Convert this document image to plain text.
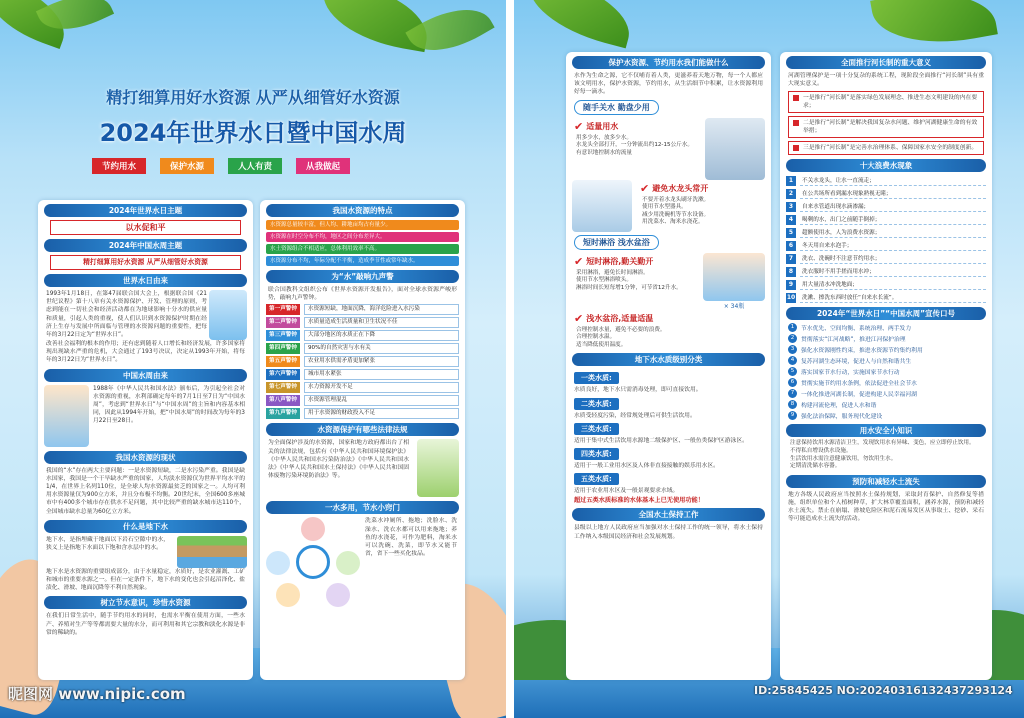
精打细算用好水资源 从严从细管好水资源
2024年世界水日暨中国水周
节约用水	保护水源	人人有责	从我做起
2024年世界水日主题
以水促和平
2024年中国水周主题
精打细算用好水资源 从严从细管好水资源
世界水日由来
1993年1月18日，在第47届联合国大会上，根据联合国《21世纪议程》第十八章有关水资源保护、开发、管理的原则，考虑到能在一切社会和经济活动都在为地球影响十分水的供应量和质量，引起人类的重视，使人们认识到水资源保护时期在经济上生存与发展中所面临与管理的水资源问题的重要性，把每年的3月22日定为“世界水日”。
改善社会福利的根本的作用；还有虑到随着人口增长和经济发展，许多国家将现出现缺水严重的危机，大会通过了193号决议，决定从1993年开始，将每年的3月22日为“世界水日”。
中国水周由来
1988年《中华人民共和国水法》颁布后，为引起全社会对水资源的重视，水利部确定每年的7月1日至7日为“中国水周”，考虑到“世界水日”与“中国水周”的主旨和内容基本相同，因此从1994年开始，把“中国水周”的时间改为每年的3月22日至28日。
我国水资源的现状
我国的“水”存在两大主要问题：一是水资源短缺，二是水污染严重。我国是缺水国家，我国是一个干旱缺水严重的国家，人均淡水资源仅为世界平均水平的1/4，在世界上名列110位，是全球人均水资源最贫乏的国家之一。人均可利用水资源量仅为900立方米，并且分布极不均衡。20世纪末，全国600多座城市中有400多个城市存在供水不足问题，其中比较严重的缺水城市达110个，全国城市缺水总量为60亿立方米。
什么是地下水
地下水，是指埋藏于地面以下岩石空隙中的水，狭义上是指地下水面以下饱和含水层中的水。
地下水是水资源的重要组成部分，由于水量稳定，水质好，是农业灌溉、工矿和城市的重要水源之一。但在一定条件下，地下水的变化也会引起沼泽化、盐渍化、滑坡、地面沉降等不利自然现象。
树立节水意识，珍惜水资源
在我们日常生活中，随手节约用水的同时，也需水平衡在使用方面，一些水产、养殖对生产等等都需要大量的水分，而可利用和其它宗教和淡化水源是非常的稀缺的。
我国水资源的特点
水资源总量较丰富，但人均、耕地亩均占有量少。
水资源在时空分布不均，地区之间分布差异大。
水土资源组合不相适应，总体利用效率不高。
水资源分布不均，年际分配不平衡，造成季节性或常年缺水。
为“水”敲响九声警
联合国教科文组织公布《世界水资源开发报告》，面对全球水资源严峻形势，敲响九声警钟。
第一声警钟	水资源短缺，地面沉降，海洋危险进入水污染
第二声警钟	水质量造成生活质量和卫生状况不佳
第三声警钟	大部分地区的水质正在下降
第四声警钟	90%的自然灾害与水有关
第五声警钟	农业用水供需矛盾更加紧张
第六声警钟	城市用水紧张
第七声警钟	水力资源开发不足
第八声警钟	水资源管理混乱
第九声警钟	用于水资源的财政投入不足
水资源保护有哪些法律法规
为全面保护涉及的水资源，国家和地方政府都出台了相关的法律法规，包括有《中华人民共和国环境保护法》《中华人民共和国水污染防治法》《中华人民共和国水法》《中华人民共和国水土保持法》《中华人民共和国固体废物污染环境防治法》等。
一水多用，节水小窍门
洗菜水冲厕所、拖地；洗脸水、洗澡水、洗衣水都可以用来拖地；养鱼的水浇花，可作为肥料，淘米水可以洗碗、洗菜，即节水又能节省，省下一些买化妆品。
昵图网 www.nipic.com
保护水资源、节约用水我们能做什么
水作为生命之源，它不仅哺育着人类，更滋养着天地万物，每一个人都应该文明用水，保护水资源，节约用水，从生活细节中积累，让水资源利用好每一滴水。
随手关水 勤盘少用
✔ 适量用水
用多少水，放多少水。
水龙头全部打开，一分钟流出约12-15公斤水。
有意识地控制水的流量
✔ 避免水龙头常开
不要开着水龙头刷牙洗漱。
使用节水型器具。
减少用洗碗机等节水设备。
用洗菜水、淘米水浇花。
短时淋浴 浅水盆浴
✔ 短时淋浴,勤关勤开
采用淋浴，避免长时间淋浴。
使用节水型淋浴喷头。
淋浴时间长短每增1分钟，可节省12升水。
× 34瓶
✔ 浅水盆浴,适量适温
合理控制水量，避免不必要的浪费。
合理控制水温。
适当降低使用温度。
地下水水质级别分类
一类水质:
水质良好，地下水只需消毒处理，即可直接饮用。
二类水质:
水质受轻度污染，经常规处理后可供生活饮用。
三类水质:
适用于集中式生活饮用水源地二级保护区、一般鱼类保护区游泳区。
四类水质:
适用于一般工业用水区及人体非直接接触的娱乐用水区。
五类水质:
适用于农业用水区及一般景观要求水域。
超过五类水质标准的水体基本上已无使用功能！
全国水土保持工作
县级以上地方人民政府应当加强对水土保持工作的统一领导，将水土保持工作纳入本级国民经济和社会发展规划。
全面推行河长制的重大意义
河湖管理保护是一项十分复杂的系统工程，现阶段全面推行“河长制”具有重大现实意义。
一是推行“河长制”是落实绿色发展理念、推进生态文明建设的内在要求；
二是推行“河长制”是解决我国复杂水问题、维护河湖健康生命的有效举措；
三是推行“河长制”是完善水治理体系、保障国家水安全的制度创新。
十大浪费水现象
1	不关水龙头，让水一直流走；
2	在公共场所看到漏水现象熟视无睹；
3	自来水管道出现水滴渗漏；
4	喝剩的水，出门之前随手倒掉；
5	超额使用水，人为浪费水资源；
6	冬天用自来水泡手；
7	洗衣、洗碗时不注意节约用水；
8	洗衣服时不用手搓而用水冲；
9	用大量清水冲洗地面；
10	洗漱、擦洗东西时放任“自来水长流”。
2024年“世界水日”“中国水周”宣传口号
1	节水优先、空间均衡、系统治理、两手发力
2	贯彻落实“江河战略”，推进江河保护治理
3	强化水资源刚性约束，推进水资源节约集约利用
4	复苏河湖生态环境，促进人与自然和谐共生
5	落实国家节水行动，实施国家节水行动
6	贯彻实施节约用水条例，依法促进全社会节水
7	一体化推进河湖长制，促进构建人民幸福河湖
8	构建河流伦理，促进人水和谐
9	强化法治保障，服务现代化建设
用水安全小知识
注意保持饮用水源清洁卫生，发现饮用水有异味、变色，应立即停止饮用。
不得私自增设供水设施。
生活饮用水需注意健康饮用，勿饮用生水。
定期清洗储水容器。
预防和减轻水土流失
地方各级人民政府应当按照水土保持规划，采取封育保护、自然修复等措施，组织单位和个人植树种草，扩大林草覆盖面积，涵养水源，预防和减轻水土流失。禁止在崩塌、滑坡危险区和泥石流易发区从事取土、挖砂、采石等可能造成水土流失的活动。
ID:25845425 NO:20240316132437293124
